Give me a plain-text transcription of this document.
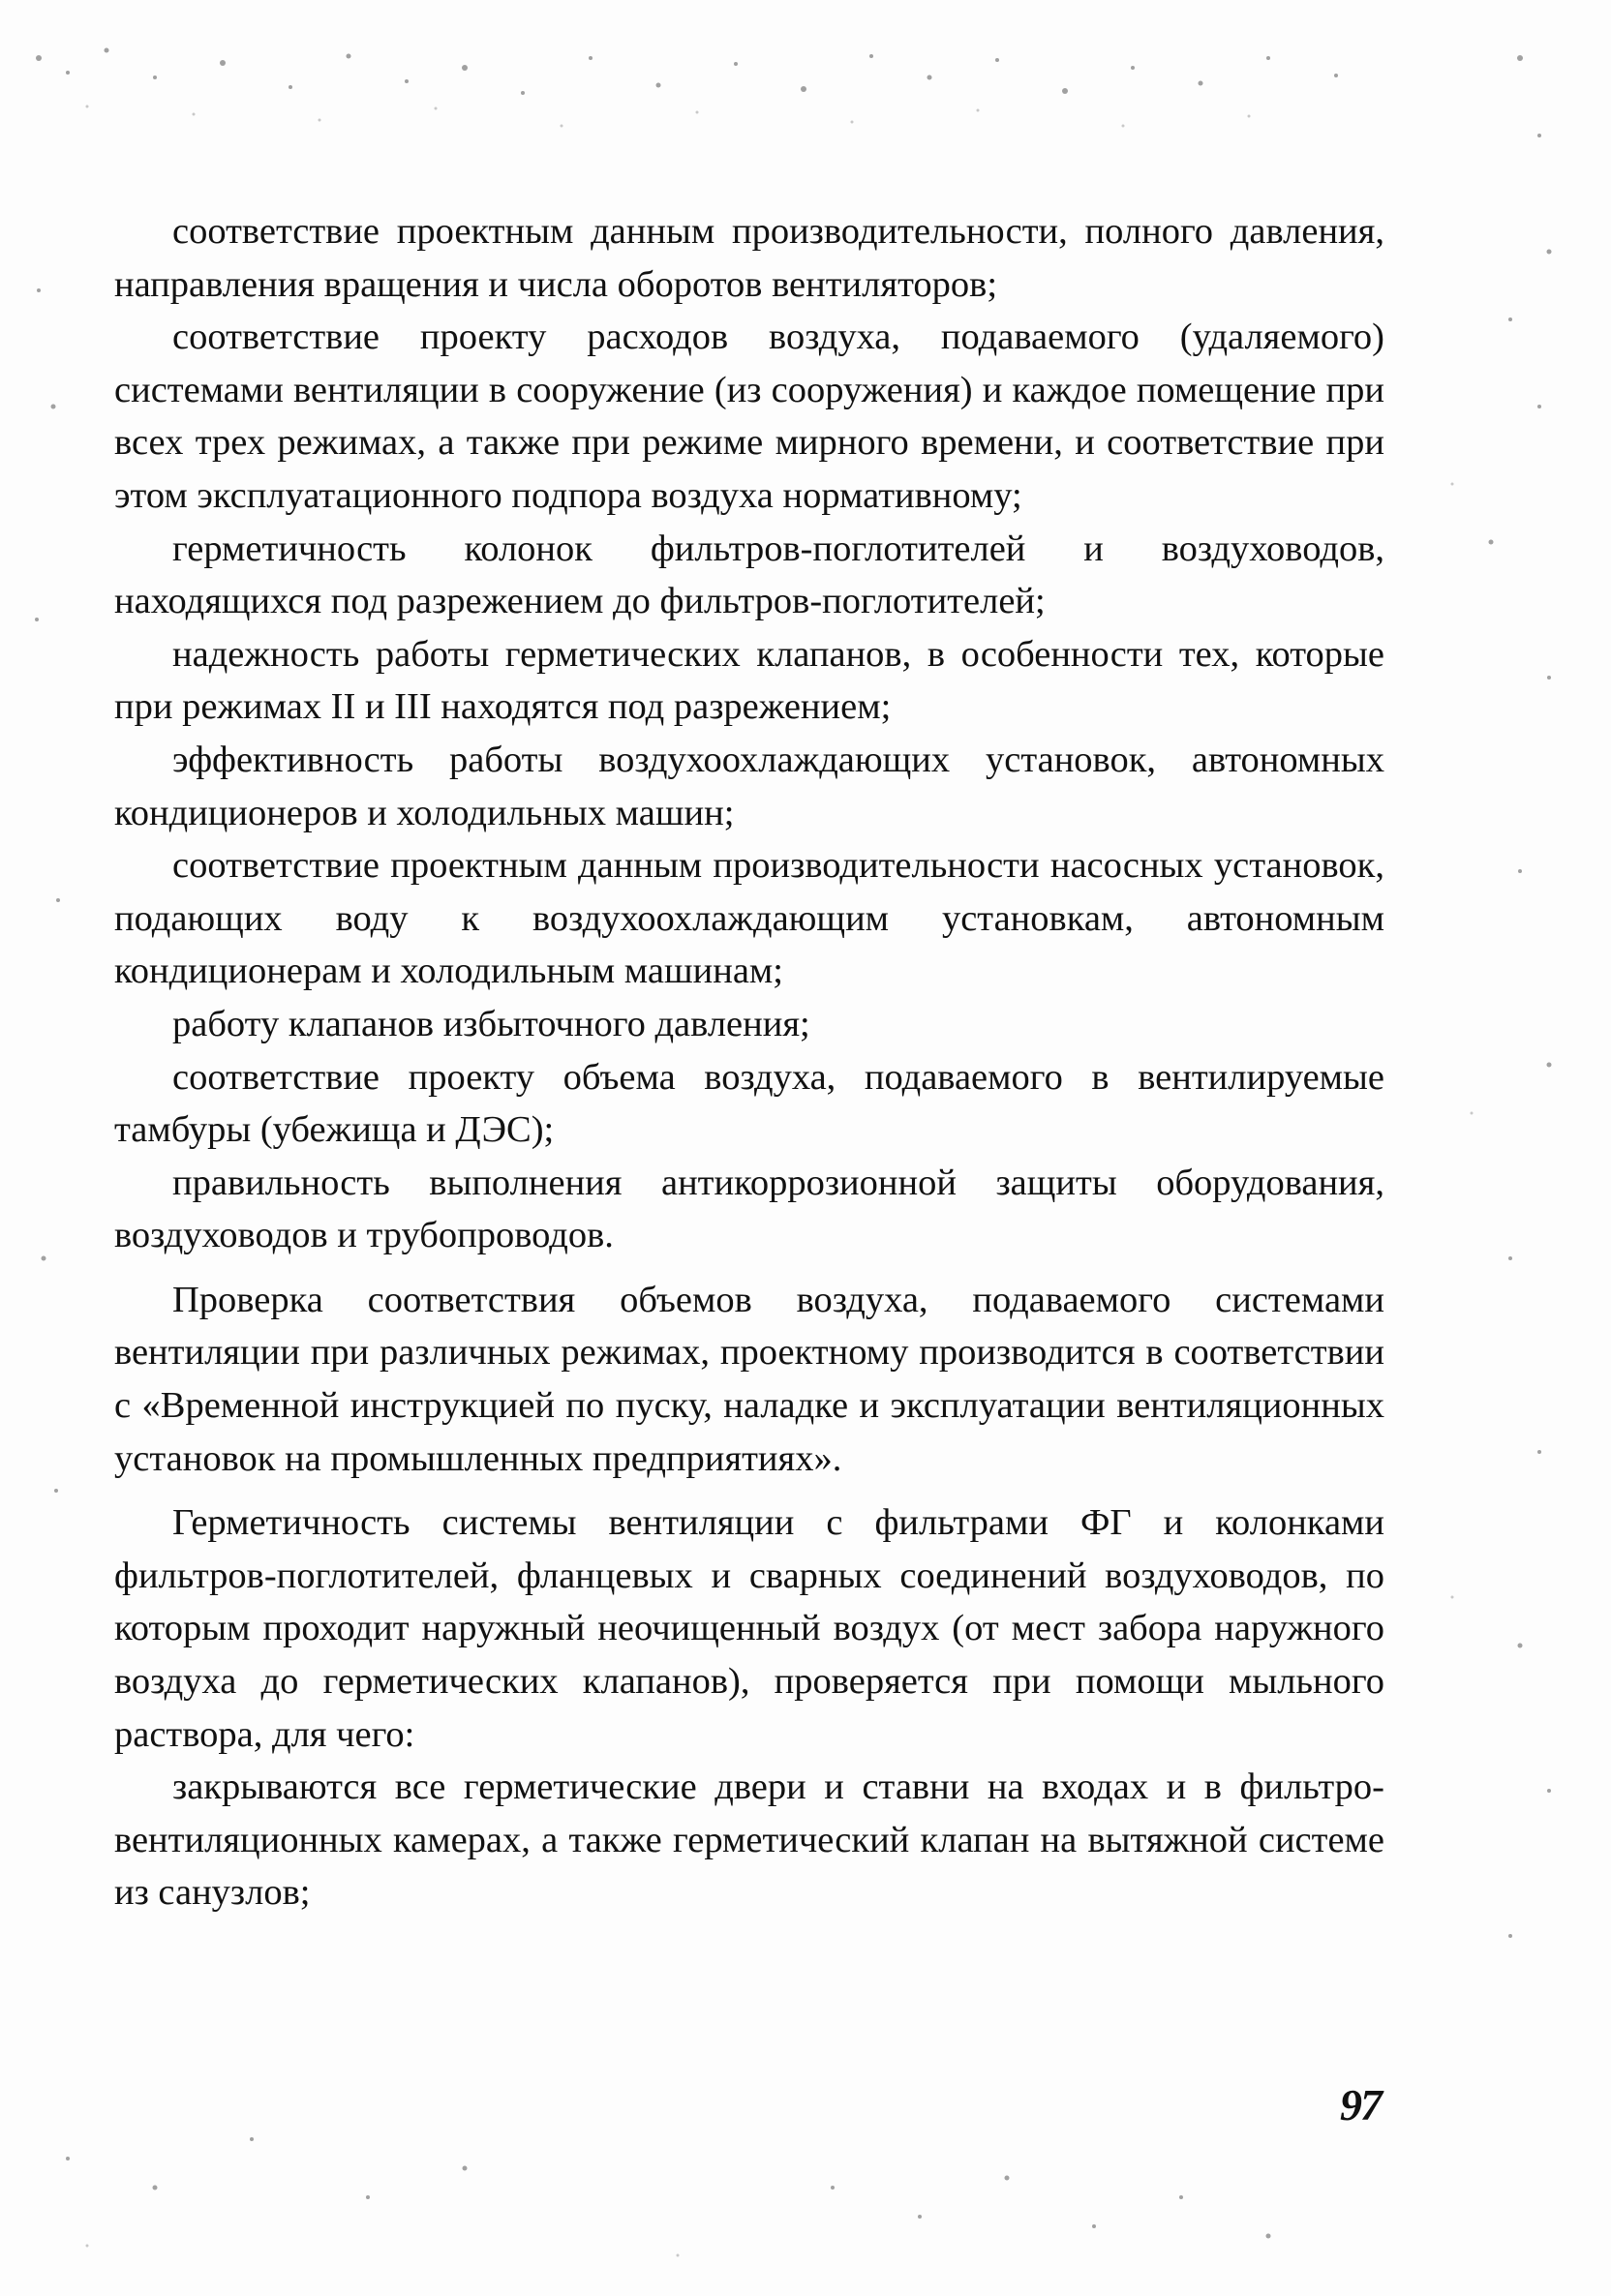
соответствие проектным данным производительности, полного давления, направления вращения и числа оборотов вентиляторов;

соответствие проекту расходов воздуха, подаваемого (удаляемого) системами вентиляции в сооружение (из сооружения) и каждое помещение при всех трех режимах, а также при режиме мирного времени, и соответствие при этом эксплуатационного подпора воздуха нормативному;

герметичность колонок фильтров-поглотителей и воздуховодов, находящихся под разрежением до фильтров-поглотителей;

надежность работы герметических клапанов, в особенности тех, которые при режимах II и III находятся под разрежением;

эффективность работы воздухоохлаждающих установок, автономных кондиционеров и холодильных машин;

соответствие проектным данным производительности насосных установок, подающих воду к воздухоохлаждающим установкам, автономным кондиционерам и холодильным машинам;

работу клапанов избыточного давления;

соответствие проекту объема воздуха, подаваемого в вентилируемые тамбуры (убежища и ДЭС);

правильность выполнения антикоррозионной защиты оборудования, воздуховодов и трубопроводов.

Проверка соответствия объемов воздуха, подаваемого системами вентиляции при различных режимах, проектному производится в соответствии с «Временной инструкцией по пуску, наладке и эксплуатации вентиляционных установок на промышленных предприятиях».

Герметичность системы вентиляции с фильтрами ФГ и колонками фильтров-поглотителей, фланцевых и сварных соединений воздуховодов, по которым проходит наружный неочищенный воздух (от мест забора наружного воздуха до герметических клапанов), проверяется при помощи мыльного раствора, для чего:

закрываются все герметические двери и ставни на входах и в фильтро-вентиляционных камерах, а также герметический клапан на вытяжной системе из санузлов;

97
